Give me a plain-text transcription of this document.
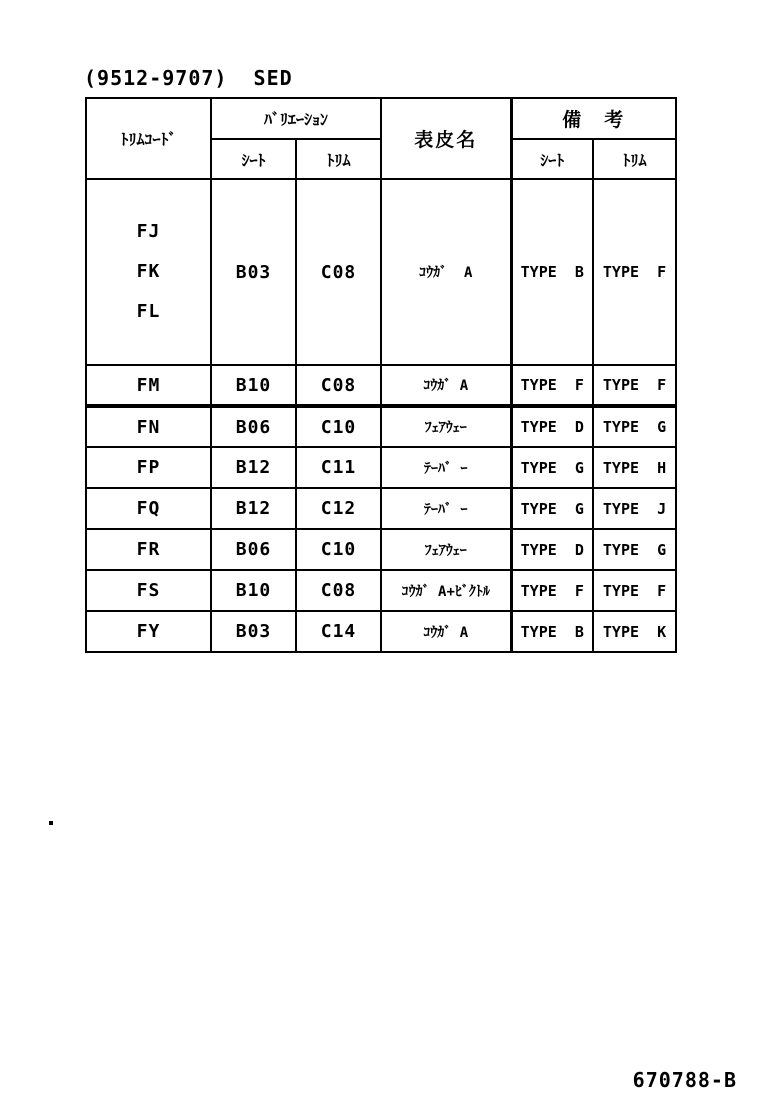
(9512-9707)  SED
ﾄﾘﾑｺｰﾄﾞ	ﾊﾞﾘｴｰｼｮﾝ		表皮名	備　考	
	ｼｰﾄ	ﾄﾘﾑ		ｼｰﾄ	ﾄﾘﾑ

FJ
FK
FL	B03	C08	ｺｳｶﾞ  A	TYPE  B	TYPE  F
FM	B10	C08	ｺｳｶﾞ A	TYPE  F	TYPE  F
FN	B06	C10	ﾌｪｱｳｪｰ	TYPE  D	TYPE  G
FP	B12	C11	ﾃｰﾊﾞ ｰ	TYPE  G	TYPE  H
FQ	B12	C12	ﾃｰﾊﾞ ｰ	TYPE  G	TYPE  J
FR	B06	C10	ﾌｪｱｳｪｰ	TYPE  D	TYPE  G
FS	B10	C08	ｺｳｶﾞ A+ﾋﾞｸﾄﾙ	TYPE  F	TYPE  F
FY	B03	C14	ｺｳｶﾞ A	TYPE  B	TYPE  K
670788-B
